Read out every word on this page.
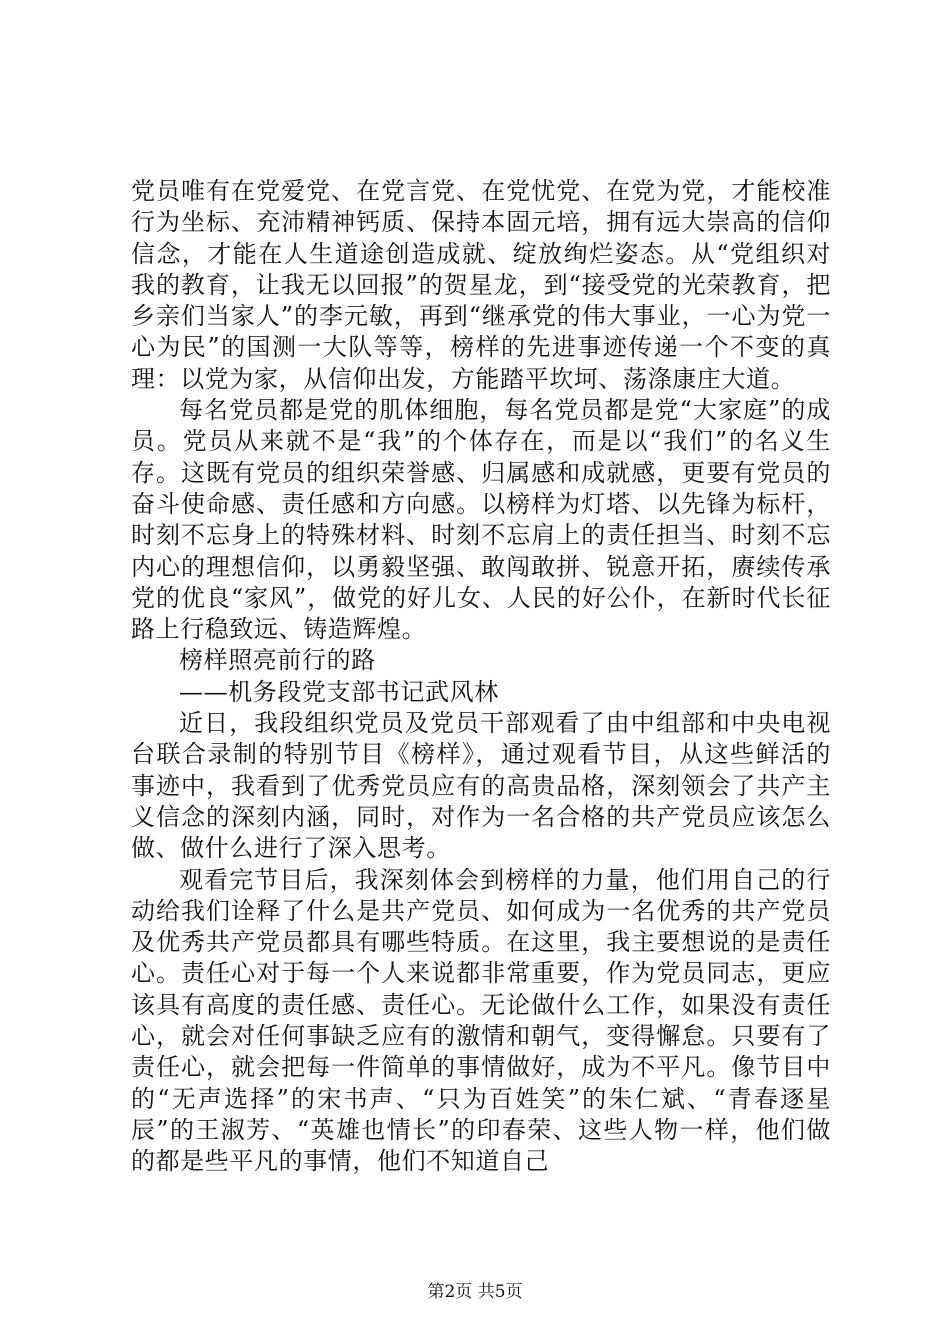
党员唯有在党爱党、在党言党、在党忧党、在党为党，才能校准行为坐标、充沛精神钙质、保持本固元培，拥有远大崇高的信仰信念，才能在人生道途创造成就、绽放绚烂姿态。从“党组织对我的教育，让我无以回报”的贺星龙，到“接受党的光荣教育，把乡亲们当家人”的李元敏，再到“继承党的伟大事业，一心为党一心为民”的国测一大队等等，榜样的先进事迹传递一个不变的真理：以党为家，从信仰出发，方能踏平坎坷、荡涤康庄大道。

每名党员都是党的肌体细胞，每名党员都是党“大家庭”的成员。党员从来就不是“我”的个体存在，而是以“我们”的名义生存。这既有党员的组织荣誉感、归属感和成就感，更要有党员的奋斗使命感、责任感和方向感。以榜样为灯塔、以先锋为标杆，时刻不忘身上的特殊材料、时刻不忘肩上的责任担当、时刻不忘内心的理想信仰，以勇毅坚强、敢闯敢拼、锐意开拓，赓续传承党的优良“家风”，做党的好儿女、人民的好公仆，在新时代长征路上行稳致远、铸造辉煌。

榜样照亮前行的路

——机务段党支部书记武风林

近日，我段组织党员及党员干部观看了由中组部和中央电视台联合录制的特别节目《榜样》，通过观看节目，从这些鲜活的事迹中，我看到了优秀党员应有的高贵品格，深刻领会了共产主义信念的深刻内涵，同时，对作为一名合格的共产党员应该怎么做、做什么进行了深入思考。

观看完节目后，我深刻体会到榜样的力量，他们用自己的行动给我们诠释了什么是共产党员、如何成为一名优秀的共产党员及优秀共产党员都具有哪些特质。在这里，我主要想说的是责任心。责任心对于每一个人来说都非常重要，作为党员同志，更应该具有高度的责任感、责任心。无论做什么工作，如果没有责任心，就会对任何事缺乏应有的激情和朝气，变得懈怠。只要有了责任心，就会把每一件简单的事情做好，成为不平凡。像节目中的“无声选择”的宋书声、“只为百姓笑”的朱仁斌、“青春逐星辰”的王淑芳、“英雄也情长”的印春荣、这些人物一样，他们做的都是些平凡的事情，他们不知道自己

第2页 共5页
